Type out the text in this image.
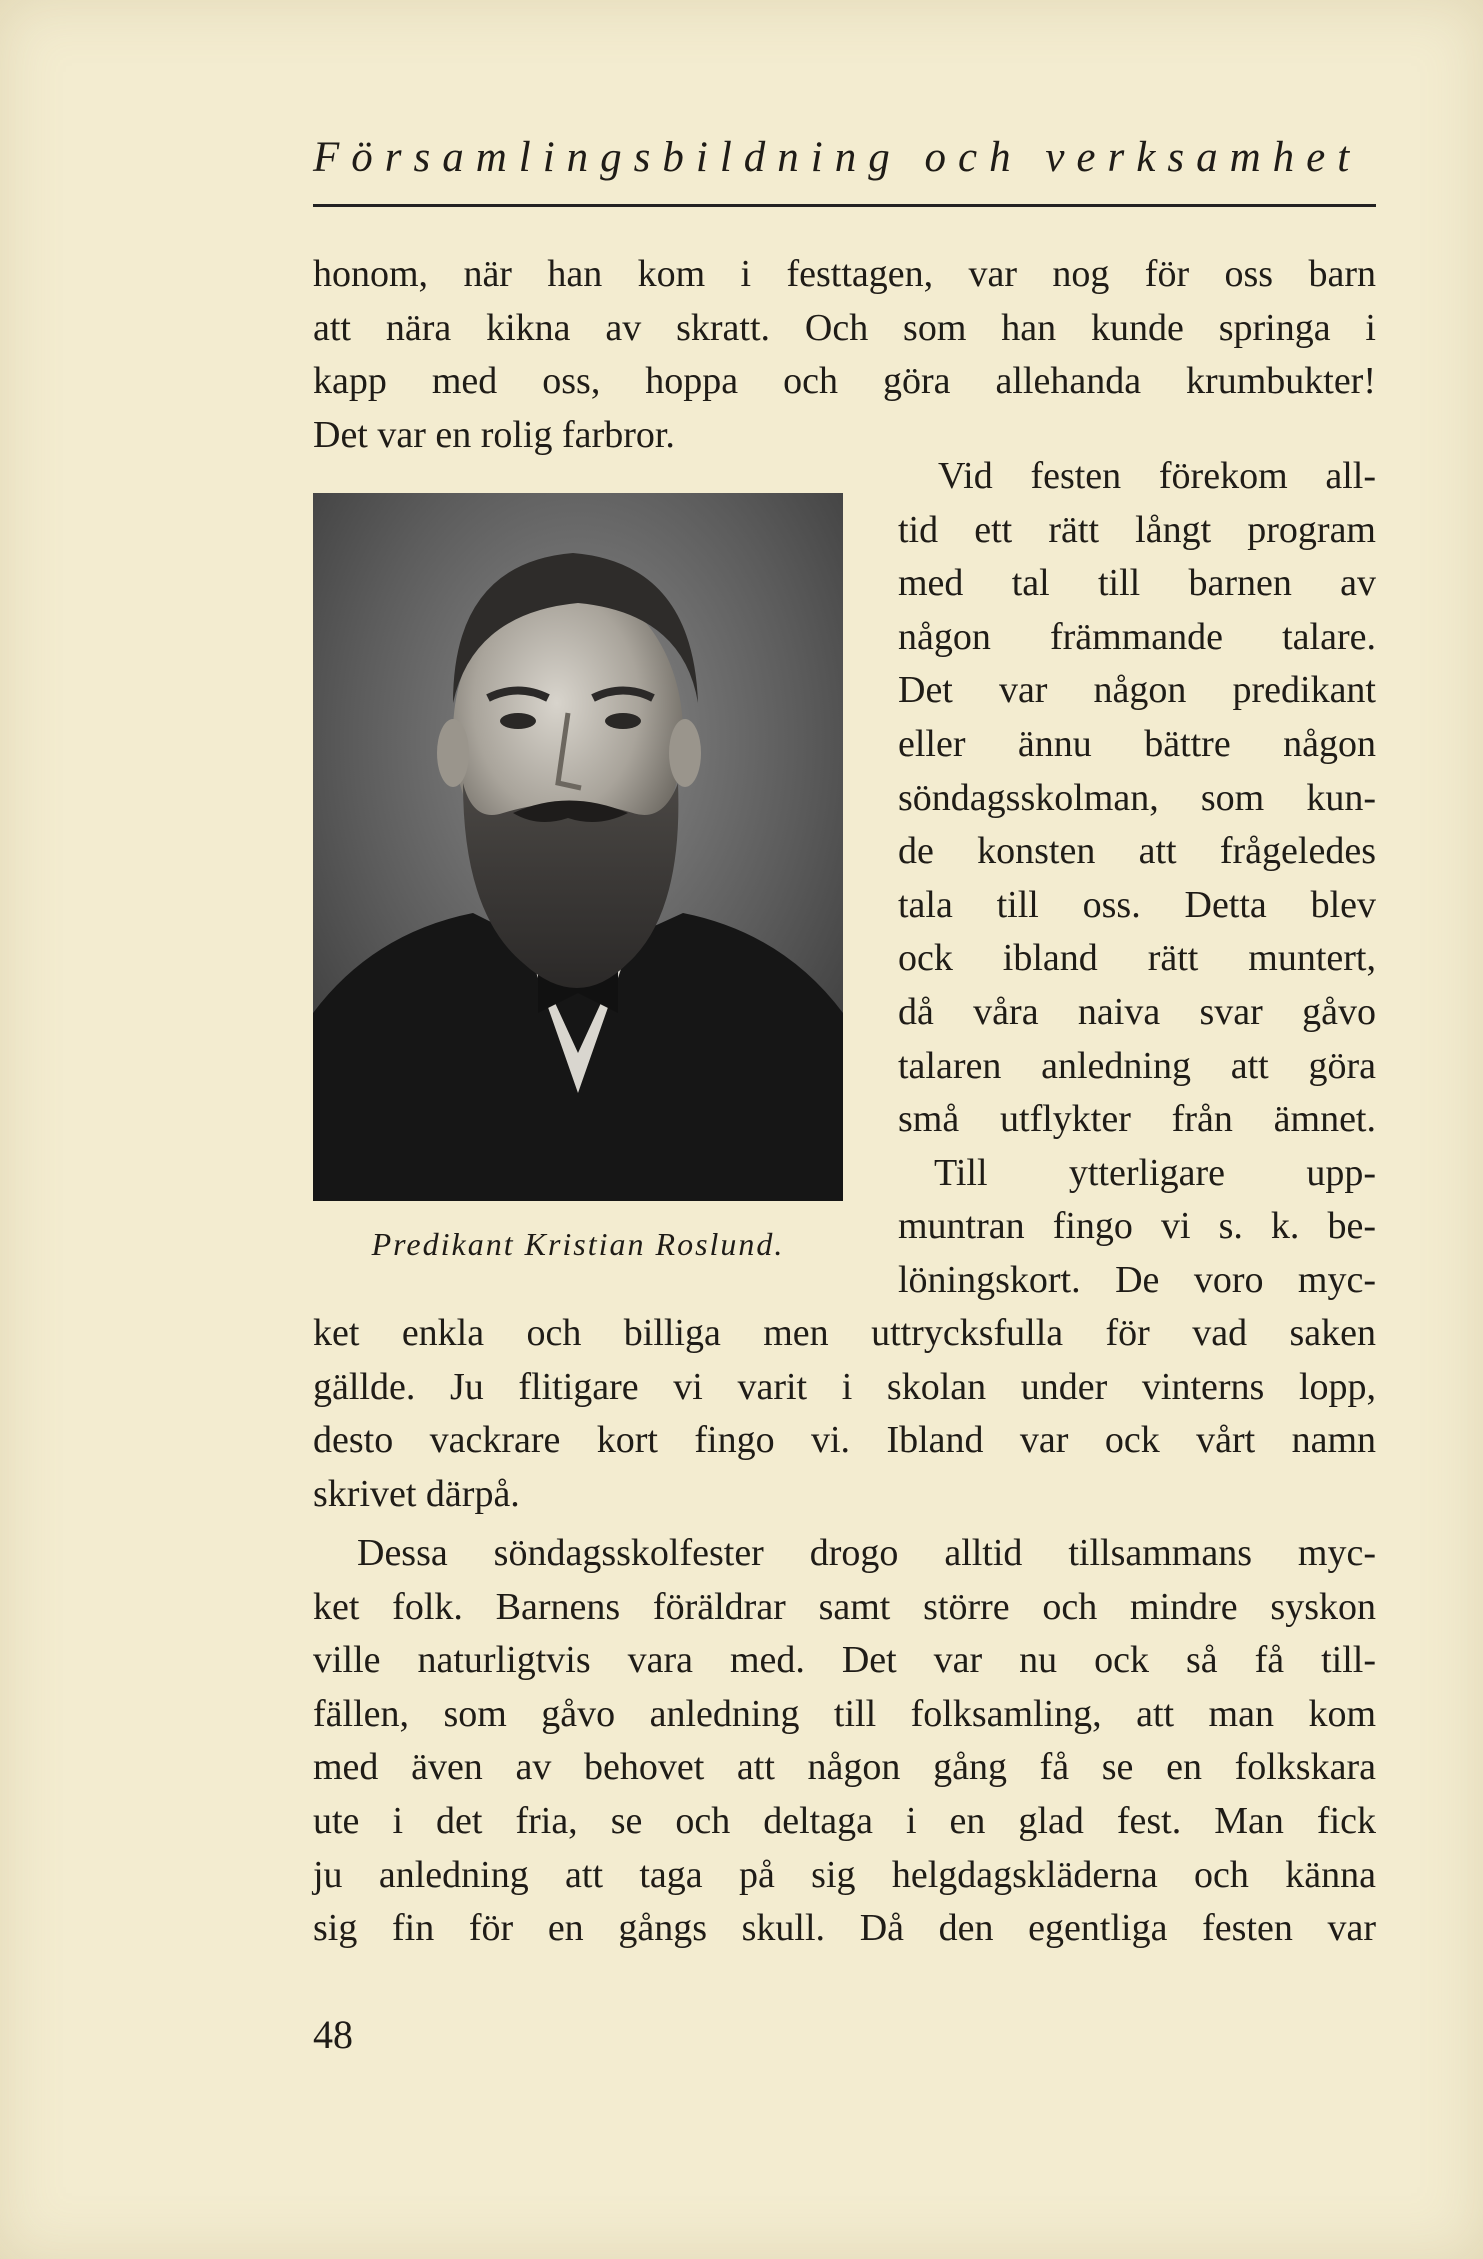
Församlingsbildning och verksamhet
honom, när han kom i festtagen, var nog för oss barn
att nära kikna av skratt. Och som han kunde springa i
kapp med oss, hoppa och göra allehanda krumbukter!
Det var en rolig farbror.
Vid festen förekom all-
tid ett rätt långt program
med tal till barnen av
någon främmande talare.
Det var någon predikant
eller ännu bättre någon
söndagsskolman, som kun-
de konsten att frågeledes
tala till oss. Detta blev
ock ibland rätt muntert,
då våra naiva svar gåvo
talaren anledning att göra
små utflykter från ämnet.
Till ytterligare upp-
muntran fingo vi s. k. be-
löningskort. De voro myc-
Predikant Kristian Roslund.
ket enkla och billiga men uttrycksfulla för vad saken
gällde. Ju flitigare vi varit i skolan under vinterns lopp,
desto vackrare kort fingo vi. Ibland var ock vårt namn
skrivet därpå.
Dessa söndagsskolfester drogo alltid tillsammans myc-
ket folk. Barnens föräldrar samt större och mindre syskon
ville naturligtvis vara med. Det var nu ock så få till-
fällen, som gåvo anledning till folksamling, att man kom
med även av behovet att någon gång få se en folkskara
ute i det fria, se och deltaga i en glad fest. Man fick
ju anledning att taga på sig helgdagskläderna och känna
sig fin för en gångs skull. Då den egentliga festen var
48
